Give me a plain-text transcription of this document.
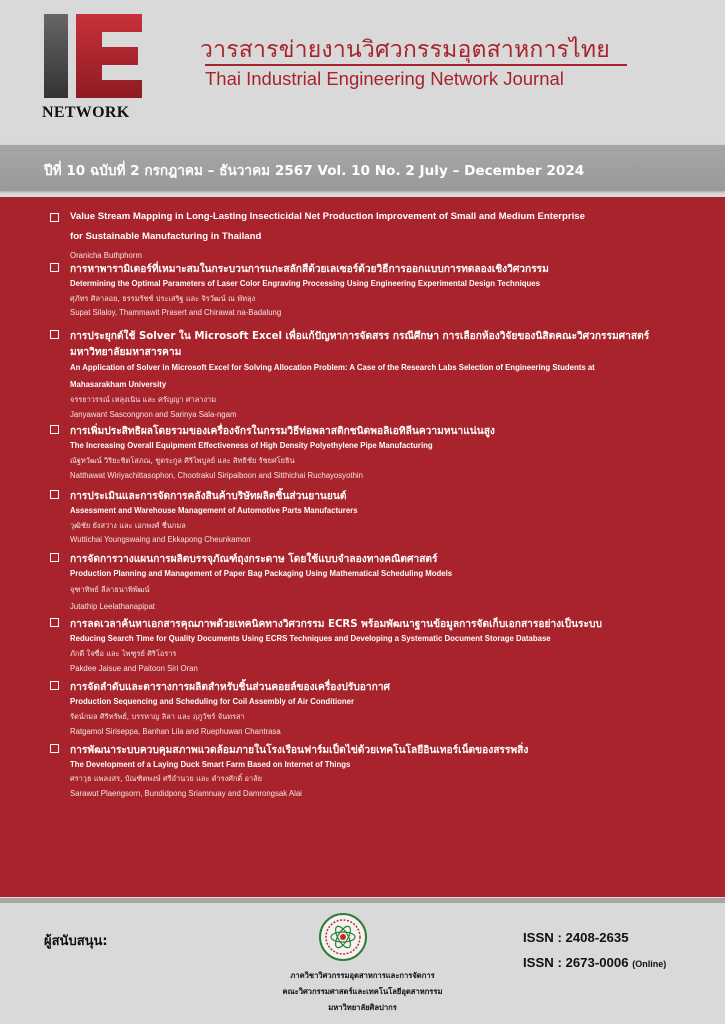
NETWORK
วารสารข่ายงานวิศวกรรมอุตสาหการไทย
Thai Industrial Engineering Network Journal
ปีที่ 10 ฉบับที่ 2 กรกฎาคม – ธันวาคม 2567 Vol. 10 No. 2 July – December 2024
Value Stream Mapping in Long-Lasting Insecticidal Net Production Improvement of Small and Medium Enterprise
for Sustainable Manufacturing in Thailand
Oranicha Buthphorm
การหาพารามิเตอร์ที่เหมาะสมในกระบวนการแกะสลักสีด้วยเลเซอร์ด้วยวิธีการออกแบบการทดลองเชิงวิศวกรรม
Determining the Optimal Parameters of Laser Color Engraving Processing Using Engineering Experimental Design Techniques
ศุภัทร ศิลาลอย, ธรรมรัชช์ ประเสริฐ และ จิรวัฒน์ ณ พัทลุง
Supat Silaloy, Thammawit Prasert and Chirawat na-Badalung
การประยุกต์ใช้ Solver ใน Microsoft Excel เพื่อแก้ปัญหาการจัดสรร กรณีศึกษา การเลือกห้องวิจัยของนิสิตคณะวิศวกรรมศาสตร์
มหาวิทยาลัยมหาสารคาม
An Application of Solver in Microsoft Excel for Solving Allocation Problem: A Case of the Research Labs Selection of Engineering Students at
Mahasarakham University
จรรยาวรรณ์ เหลุงเนิน และ ศรัญญา ศาลางาม
Janyawant Sascongnon and Sarinya Sala-ngam
การเพิ่มประสิทธิผลโดยรวมของเครื่องจักรในกรรมวิธีท่อพลาสติกชนิดพอลิเอทิลีนความหนาแน่นสูง
The Increasing Overall Equipment Effectiveness of High Density Polyethylene Pipe Manufacturing
ณัฐทวัฒน์ วิริยะชิตโสภณ, ชูตระกูล ศิริไพบูลย์ และ สิทธิชัย รัชยศโยธิน
Natthawat Wiriyachittasophon, Chootrakul Siripaiboon and Sitthichai Ruchayosyothin
การประเมินและการจัดการคลังสินค้าบริษัทผลิตชิ้นส่วนยานยนต์
Assessment and Warehouse Management of Automotive Parts Manufacturers
วุฒิชัย ยังสว่าง และ เอกพงศ์ ชื่นกมล
Wuttichai Youngswaing and Ekkapong Cheunkamon
การจัดการวางแผนการผลิตบรรจุภัณฑ์ถุงกระดาษ โดยใช้แบบจำลองทางคณิตศาสตร์
Production Planning and Management of Paper Bag Packaging Using Mathematical Scheduling Models
จุฑาทิพย์ ลีลาธนาพิพัฒน์
Jutathip Leelathanapipat
การลดเวลาค้นหาเอกสารคุณภาพด้วยเทคนิคทางวิศวกรรม ECRS พร้อมพัฒนาฐานข้อมูลการจัดเก็บเอกสารอย่างเป็นระบบ
Reducing Search Time for Quality Documents Using ECRS Techniques and Developing a Systematic Document Storage Database
ภักดี ใจซื่อ และ ไพฑูรย์ ศิริโอราร
Pakdee Jaisue and Paitoon Siri Oran
การจัดลำดับและตารางการผลิตสำหรับชิ้นส่วนคอยล์ของเครื่องปรับอากาศ
Production Sequencing and Scheduling for Coil Assembly of Air Conditioner
รัตน์กมล ศิริทรัพย์, บรรหาญ ลิลา และ ฤภูวัชร์ จันทรสา
Ratgamol Siriseppa, Banhan Lila and Ruephuwan Chantrasa
การพัฒนาระบบควบคุมสภาพแวดล้อมภายในโรงเรือนฟาร์มเป็ดไข่ด้วยเทคโนโลยีอินเทอร์เน็ตของสรรพสิ่ง
The Development of a Laying Duck Smart Farm Based on Internet of Things
ศราวุธ แพลงสร, บัณฑิตพงษ์ ศรีอำนวย และ ดำรงศักดิ์ อาลัย
Sarawut Plaengsorn, Bundidpong Sriamnuay and Damrongsak Alai
ผู้สนับสนุน:
ภาควิชาวิศวกรรมอุตสาหการและการจัดการ
คณะวิศวกรรมศาสตร์และเทคโนโลยีอุตสาหกรรม
มหาวิทยาลัยศิลปากร
ISSN : 2408-2635
ISSN : 2673-0006 (Online)
